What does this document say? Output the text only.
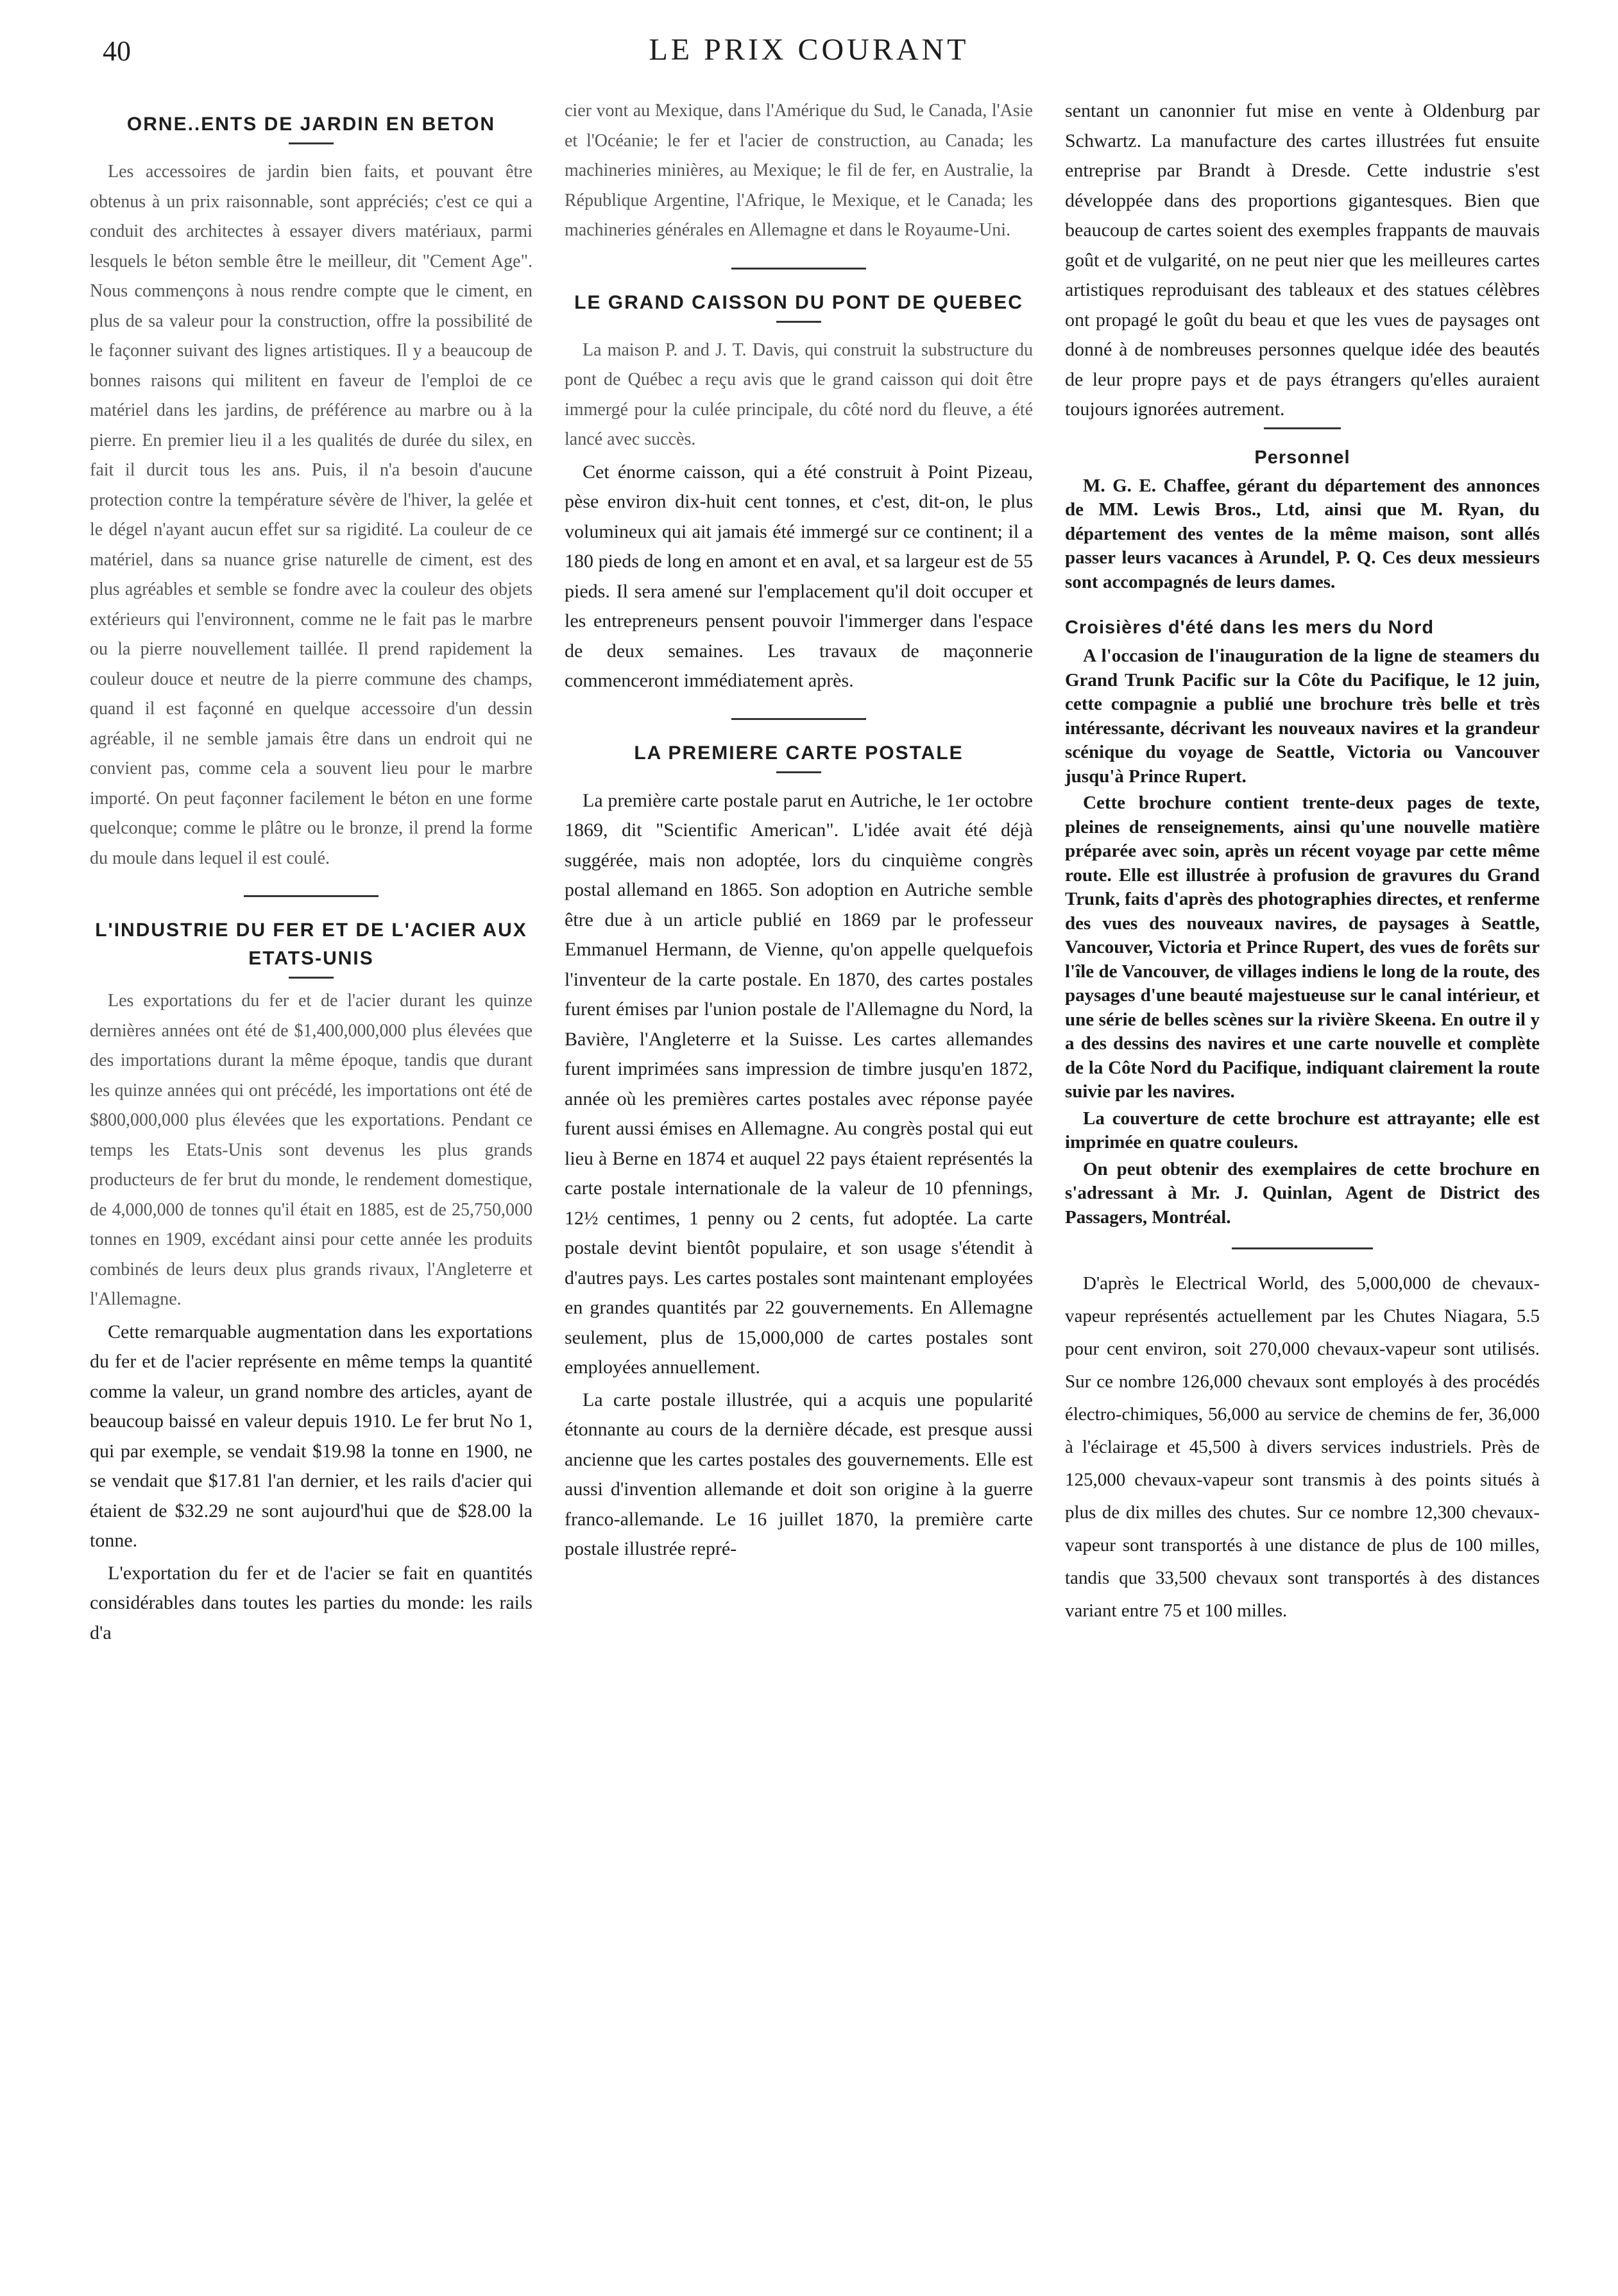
40	LE PRIX COURANT
ORNE..ENTS DE JARDIN EN BETON

Les accessoires de jardin bien faits, et pouvant être obtenus à un prix raisonnable, sont appréciés; c'est ce qui a conduit des architectes à essayer divers matériaux, parmi lesquels le béton semble être le meilleur, dit "Cement Age". Nous commençons à nous rendre compte que le ciment, en plus de sa valeur pour la construction, offre la possibilité de le façonner suivant des lignes artistiques. Il y a beaucoup de bonnes raisons qui militent en faveur de l'emploi de ce matériel dans les jardins, de préférence au marbre ou à la pierre. En premier lieu il a les qualités de durée du silex, en fait il durcit tous les ans. Puis, il n'a besoin d'aucune protection contre la température sévère de l'hiver, la gelée et le dégel n'ayant aucun effet sur sa rigidité. La couleur de ce matériel, dans sa nuance grise naturelle de ciment, est des plus agréables et semble se fondre avec la couleur des objets extérieurs qui l'environnent, comme ne le fait pas le marbre ou la pierre nouvellement taillée. Il prend rapidement la couleur douce et neutre de la pierre commune des champs, quand il est façonné en quelque accessoire d'un dessin agréable, il ne semble jamais être dans un endroit qui ne convient pas, comme cela a souvent lieu pour le marbre importé. On peut façonner facilement le béton en une forme quelconque; comme le plâtre ou le bronze, il prend la forme du moule dans lequel il est coulé.

L'INDUSTRIE DU FER ET DE L'ACIER AUX ETATS-UNIS

Les exportations du fer et de l'acier durant les quinze dernières années ont été de $1,400,000,000 plus élevées que des importations durant la même époque, tandis que durant les quinze années qui ont précédé, les importations ont été de $800,000,000 plus élevées que les exportations. Pendant ce temps les Etats-Unis sont devenus les plus grands producteurs de fer brut du monde, le rendement domestique, de 4,000,000 de tonnes qu'il était en 1885, est de 25,750,000 tonnes en 1909, excédant ainsi pour cette année les produits combinés de leurs deux plus grands rivaux, l'Angleterre et l'Allemagne.

Cette remarquable augmentation dans les exportations du fer et de l'acier représente en même temps la quantité comme la valeur, un grand nombre des articles, ayant de beaucoup baissé en valeur depuis 1910. Le fer brut No 1, qui par exemple, se vendait $19.98 la tonne en 1900, ne se vendait que $17.81 l'an dernier, et les rails d'acier qui étaient de $32.29 ne sont aujourd'hui que de $28.00 la tonne.

L'exportation du fer et de l'acier se fait en quantités considérables dans toutes les parties du monde: les rails d'a

cier vont au Mexique, dans l'Amérique du Sud, le Canada, l'Asie et l'Océanie; le fer et l'acier de construction, au Canada; les machineries minières, au Mexique; le fil de fer, en Australie, la République Argentine, l'Afrique, le Mexique, et le Canada; les machineries générales en Allemagne et dans le Royaume-Uni.

LE GRAND CAISSON DU PONT DE QUEBEC

La maison P. and J. T. Davis, qui construit la substructure du pont de Québec a reçu avis que le grand caisson qui doit être immergé pour la culée principale, du côté nord du fleuve, a été lancé avec succès.

Cet énorme caisson, qui a été construit à Point Pizeau, pèse environ dix-huit cent tonnes, et c'est, dit-on, le plus volumineux qui ait jamais été immergé sur ce continent; il a 180 pieds de long en amont et en aval, et sa largeur est de 55 pieds. Il sera amené sur l'emplacement qu'il doit occuper et les entrepreneurs pensent pouvoir l'immerger dans l'espace de deux semaines. Les travaux de maçonnerie commenceront immédiatement après.

LA PREMIERE CARTE POSTALE

La première carte postale parut en Autriche, le 1er octobre 1869, dit "Scientific American". L'idée avait été déjà suggérée, mais non adoptée, lors du cinquième congrès postal allemand en 1865. Son adoption en Autriche semble être due à un article publié en 1869 par le professeur Emmanuel Hermann, de Vienne, qu'on appelle quelquefois l'inventeur de la carte postale. En 1870, des cartes postales furent émises par l'union postale de l'Allemagne du Nord, la Bavière, l'Angleterre et la Suisse. Les cartes allemandes furent imprimées sans impression de timbre jusqu'en 1872, année où les premières cartes postales avec réponse payée furent aussi émises en Allemagne. Au congrès postal qui eut lieu à Berne en 1874 et auquel 22 pays étaient représentés la carte postale internationale de la valeur de 10 pfennings, 12½ centimes, 1 penny ou 2 cents, fut adoptée. La carte postale devint bientôt populaire, et son usage s'étendit à d'autres pays. Les cartes postales sont maintenant employées en grandes quantités par 22 gouvernements. En Allemagne seulement, plus de 15,000,000 de cartes postales sont employées annuellement.

La carte postale illustrée, qui a acquis une popularité étonnante au cours de la dernière décade, est presque aussi ancienne que les cartes postales des gouvernements. Elle est aussi d'invention allemande et doit son origine à la guerre franco-allemande. Le 16 juillet 1870, la première carte postale illustrée repré-

sentant un canonnier fut mise en vente à Oldenburg par Schwartz. La manufacture des cartes illustrées fut ensuite entreprise par Brandt à Dresde. Cette industrie s'est développée dans des proportions gigantesques. Bien que beaucoup de cartes soient des exemples frappants de mauvais goût et de vulgarité, on ne peut nier que les meilleures cartes artistiques reproduisant des tableaux et des statues célèbres ont propagé le goût du beau et que les vues de paysages ont donné à de nombreuses personnes quelque idée des beautés de leur propre pays et de pays étrangers qu'elles auraient toujours ignorées autrement.

Personnel

M. G. E. Chaffee, gérant du département des annonces de MM. Lewis Bros., Ltd, ainsi que M. Ryan, du département des ventes de la même maison, sont allés passer leurs vacances à Arundel, P. Q. Ces deux messieurs sont accompagnés de leurs dames.

Croisières d'été dans les mers du Nord

A l'occasion de l'inauguration de la ligne de steamers du Grand Trunk Pacific sur la Côte du Pacifique, le 12 juin, cette compagnie a publié une brochure très belle et très intéressante, décrivant les nouveaux navires et la grandeur scénique du voyage de Seattle, Victoria ou Vancouver jusqu'à Prince Rupert.

Cette brochure contient trente-deux pages de texte, pleines de renseignements, ainsi qu'une nouvelle matière préparée avec soin, après un récent voyage par cette même route. Elle est illustrée à profusion de gravures du Grand Trunk, faits d'après des photographies directes, et renferme des vues des nouveaux navires, de paysages à Seattle, Vancouver, Victoria et Prince Rupert, des vues de forêts sur l'île de Vancouver, de villages indiens le long de la route, des paysages d'une beauté majestueuse sur le canal intérieur, et une série de belles scènes sur la rivière Skeena. En outre il y a des dessins des navires et une carte nouvelle et complète de la Côte Nord du Pacifique, indiquant clairement la route suivie par les navires.

La couverture de cette brochure est attrayante; elle est imprimée en quatre couleurs.

On peut obtenir des exemplaires de cette brochure en s'adressant à Mr. J. Quinlan, Agent de District des Passagers, Montréal.

D'après le Electrical World, des 5,000,000 de chevaux-vapeur représentés actuellement par les Chutes Niagara, 5.5 pour cent environ, soit 270,000 chevaux-vapeur sont utilisés. Sur ce nombre 126,000 chevaux sont employés à des procédés électro-chimiques, 56,000 au service de chemins de fer, 36,000 à l'éclairage et 45,500 à divers services industriels. Près de 125,000 chevaux-vapeur sont transmis à des points situés à plus de dix milles des chutes. Sur ce nombre 12,300 chevaux-vapeur sont transportés à une distance de plus de 100 milles, tandis que 33,500 chevaux sont transportés à des distances variant entre 75 et 100 milles.
